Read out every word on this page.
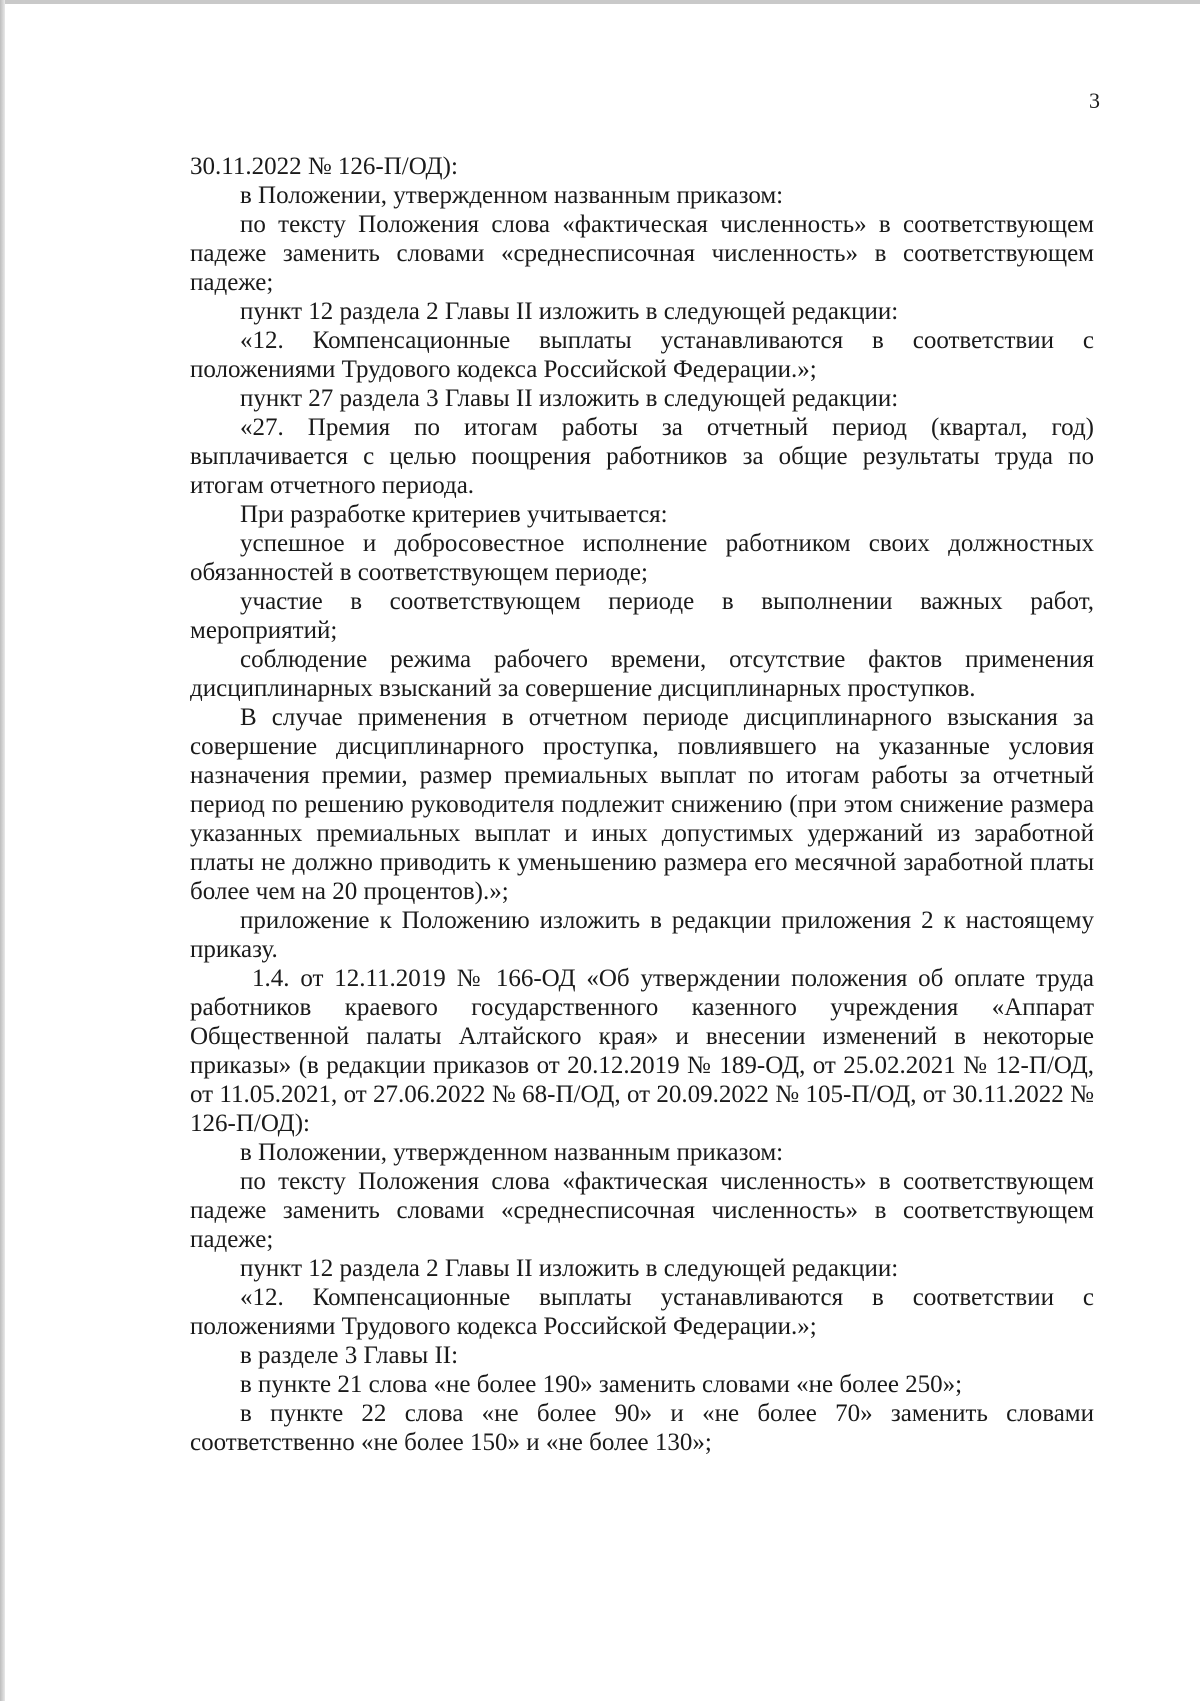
3

30.11.2022 № 126-П/ОД):

в Положении, утвержденном названным приказом:

по тексту Положения слова «фактическая численность» в соответствующем падеже заменить словами «среднесписочная численность» в соответствующем падеже;

пункт 12 раздела 2 Главы II изложить в следующей редакции:

«12. Компенсационные выплаты устанавливаются в соответствии с положениями Трудового кодекса Российской Федерации.»;

пункт 27 раздела 3 Главы II изложить в следующей редакции:

«27. Премия по итогам работы за отчетный период (квартал, год) выплачивается с целью поощрения работников за общие результаты труда по итогам отчетного периода.

При разработке критериев учитывается:

успешное и добросовестное исполнение работником своих должностных обязанностей в соответствующем периоде;

участие в соответствующем периоде в выполнении важных работ, мероприятий;

соблюдение режима рабочего времени, отсутствие фактов применения дисциплинарных взысканий за совершение дисциплинарных проступков.

В случае применения в отчетном периоде дисциплинарного взыскания за совершение дисциплинарного проступка, повлиявшего на указанные условия назначения премии, размер премиальных выплат по итогам работы за отчетный период по решению руководителя подлежит снижению (при этом снижение размера указанных премиальных выплат и иных допустимых удержаний из заработной платы не должно приводить к уменьшению размера его месячной заработной платы более чем на 20 процентов).»;

приложение к Положению изложить в редакции приложения 2 к настоящему приказу.

1.4. от 12.11.2019 № 166-ОД «Об утверждении положения об оплате труда работников краевого государственного казенного учреждения «Аппарат Общественной палаты Алтайского края» и внесении изменений в некоторые приказы» (в редакции приказов от 20.12.2019 № 189-ОД, от 25.02.2021 № 12-П/ОД, от 11.05.2021, от 27.06.2022 № 68-П/ОД, от 20.09.2022 № 105-П/ОД, от 30.11.2022 № 126-П/ОД):

в Положении, утвержденном названным приказом:

по тексту Положения слова «фактическая численность» в соответствующем падеже заменить словами «среднесписочная численность» в соответствующем падеже;

пункт 12 раздела 2 Главы II изложить в следующей редакции:

«12. Компенсационные выплаты устанавливаются в соответствии с положениями Трудового кодекса Российской Федерации.»;

в разделе 3 Главы II:

в пункте 21 слова «не более 190» заменить словами «не более 250»;

в пункте 22 слова «не более 90» и «не более 70» заменить словами соответственно «не более 150» и «не более 130»;
